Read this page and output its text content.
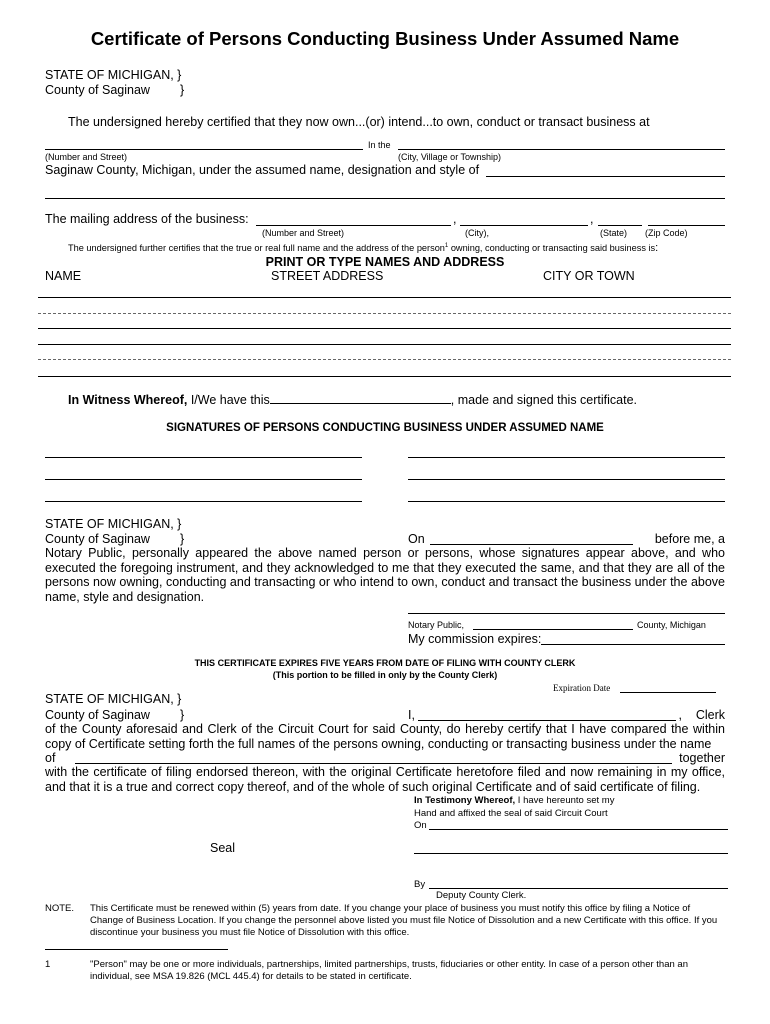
Certificate of Persons Conducting Business Under Assumed Name
STATE OF MICHIGAN, }
County of Saginaw }
The undersigned hereby certified that they now own...(or) intend...to own, conduct or transact business at
In the
(Number and Street)	(City, Village or Township)
Saginaw County, Michigan, under the assumed name, designation and style of
The mailing address of the business:	,	,
(Number and Street)	(City),	(State) (Zip Code)
The undersigned further certifies that the true or real full name and the address of the person$^1$ owning, conducting or transacting said business is:
PRINT OR TYPE NAMES AND ADDRESS
NAME	STREET ADDRESS	CITY OR TOWN
In Witness Whereof, I/We have this	, made and signed this certificate.
SIGNATURES OF PERSONS CONDUCTING BUSINESS UNDER ASSUMED NAME
STATE OF MICHIGAN, }
County of Saginaw }	On	before me, a
Notary Public, personally appeared the above named person or persons, whose signatures appear above, and who executed the foregoing instrument, and they acknowledged to me that they executed the same, and that they are all of the persons now owning, conducting and transacting or who intend to own, conduct and transact the business under the above name, style and designation.
Notary Public,	County, Michigan
My commission expires:
THIS CERTIFICATE EXPIRES FIVE YEARS FROM DATE OF FILING WITH COUNTY CLERK
(This portion to be filled in only by the County Clerk)
Expiration Date
STATE OF MICHIGAN, }
County of Saginaw }	I,	,    Clerk
of the County aforesaid and Clerk of the Circuit Court for said County, do hereby certify that I have compared the within copy of Certificate setting forth the full names of the persons owning, conducting or transacting business under the name
of	together
with the certificate of filing endorsed thereon, with the original Certificate heretofore filed and now remaining in my office, and that it is a true and correct copy thereof, and of the whole of such original Certificate and of said certificate of filing.
In Testimony Whereof, I have hereunto set my
Hand and affixed the seal of said Circuit Court
On
Seal
By
Deputy County Clerk.
NOTE. This Certificate must be renewed within (5) years from date. If you change your place of business you must notify this office by filing a Notice of Change of Business Location. If you change the personnel above listed you must file Notice of Dissolution and a new Certificate with this office. If you discontinue your business you must file Notice of Dissolution with this office.
1	"Person" may be one or more individuals, partnerships, limited partnerships, trusts, fiduciaries or other entity. In case of a person other than an individual, see MSA 19.826 (MCL 445.4) for details to be stated in certificate.
